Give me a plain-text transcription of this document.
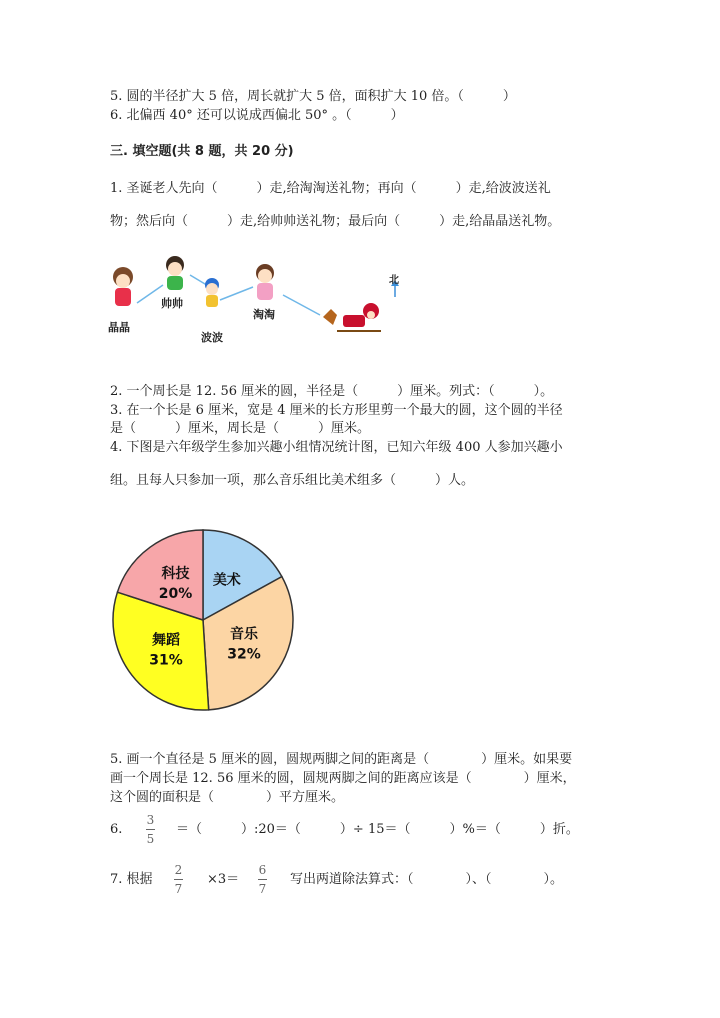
5. 圆的半径扩大 5 倍，周长就扩大 5 倍，面积扩大 10 倍。（　　　）
6. 北偏西 40° 还可以说成西偏北 50° 。（　　　）
三. 填空题(共 8 题，共 20 分)
1. 圣诞老人先向（　　　）走,给淘淘送礼物；再向（　　　）走,给波波送礼
物；然后向（　　　）走,给帅帅送礼物；最后向（　　　）走,给晶晶送礼物。
晶晶
帅帅
波波
淘淘
北
2. 一个周长是 12. 56 厘米的圆，半径是（　　　）厘米。列式：（　　　）。
3. 在一个长是 6 厘米，宽是 4 厘米的长方形里剪一个最大的圆，这个圆的半径
是（　　　）厘米，周长是（　　　）厘米。
4. 下图是六年级学生参加兴趣小组情况统计图，已知六年级 400 人参加兴趣小
组。且每人只参加一项，那么音乐组比美术组多（　　　）人。
美术
音乐
32%
舞蹈
31%
科技
20%
5. 画一个直径是 5 厘米的圆，圆规两脚之间的距离是（　　　　）厘米。如果要
画一个周长是 12. 56 厘米的圆，圆规两脚之间的距离应该是（　　　　）厘米，
这个圆的面积是（　　　　）平方厘米。
6.
3
5
＝（　　　）:20＝（　　　）÷ 15＝（　　　）%＝（　　　）折。
7. 根据
2
7
×3＝
6
7
写出两道除法算式：（　　　　）、（　　　　）。
